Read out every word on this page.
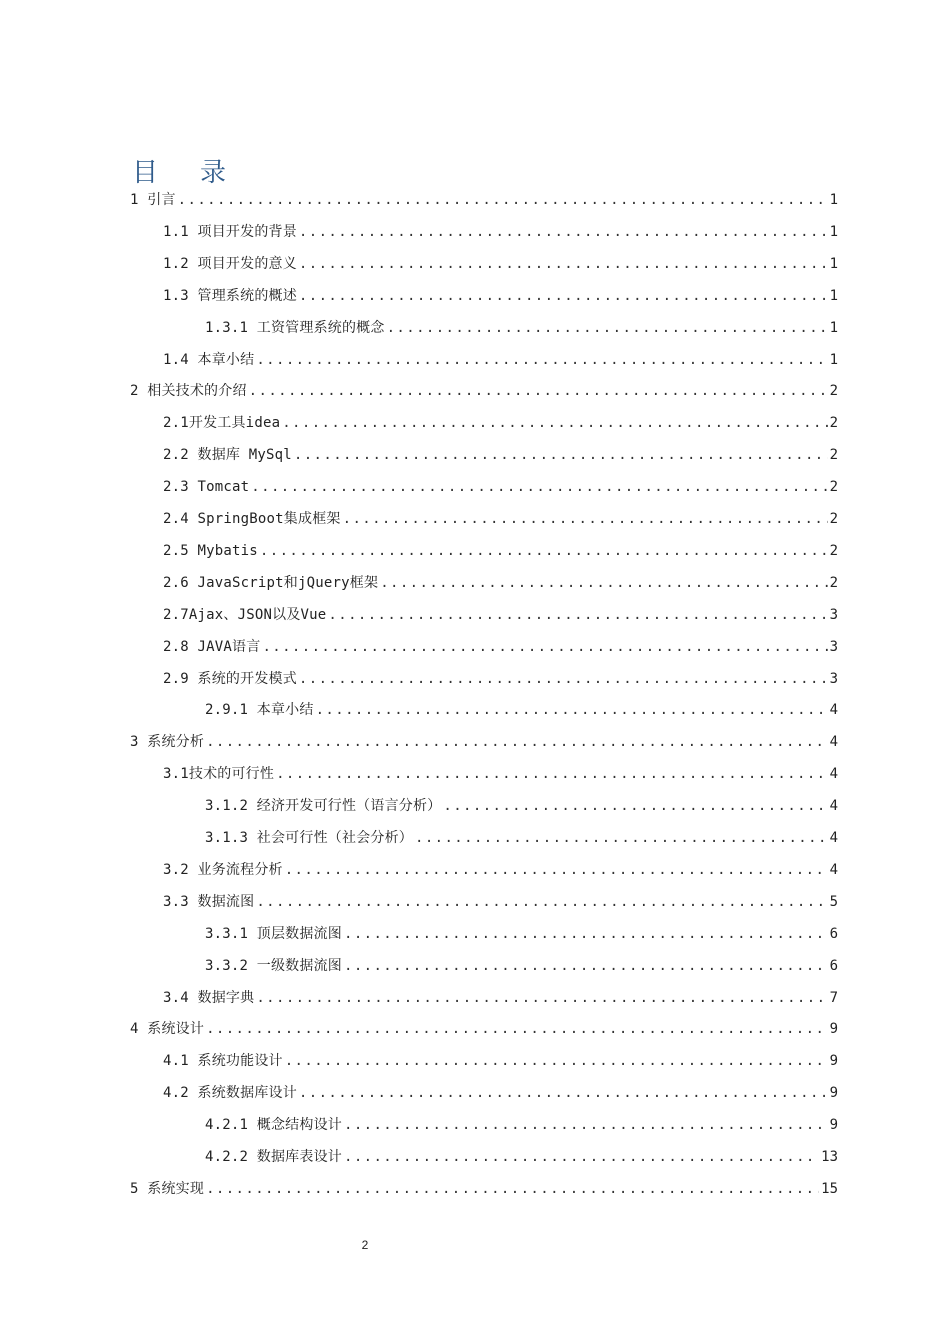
目 录
1 引言 .....	1
1.1 项目开发的背景 .....	1
1.2 项目开发的意义 .....	1
1.3 管理系统的概述 .....	1
1.3.1 工资管理系统的概念 .....	1
1.4 本章小结 .....	1
2 相关技术的介绍 .....	2
2.1开发工具idea .....	2
2.2 数据库 MySql .....	2
2.3 Tomcat .....	2
2.4 SpringBoot集成框架 .....	2
2.5 Mybatis .....	2
2.6 JavaScript和jQuery框架 .....	2
2.7Ajax、JSON以及Vue .....	3
2.8 JAVA语言 .....	3
2.9 系统的开发模式 .....	3
2.9.1 本章小结 .....	4
3 系统分析 .....	4
3.1技术的可行性 .....	4
3.1.2 经济开发可行性（语言分析） .....	4
3.1.3 社会可行性（社会分析） .....	4
3.2 业务流程分析 .....	4
3.3 数据流图 .....	5
3.3.1 顶层数据流图 .....	6
3.3.2 一级数据流图 .....	6
3.4 数据字典 .....	7
4 系统设计 .....	9
4.1 系统功能设计 .....	9
4.2 系统数据库设计 .....	9
4.2.1 概念结构设计 .....	9
4.2.2 数据库表设计 .....	13
5 系统实现 .....	15
2
